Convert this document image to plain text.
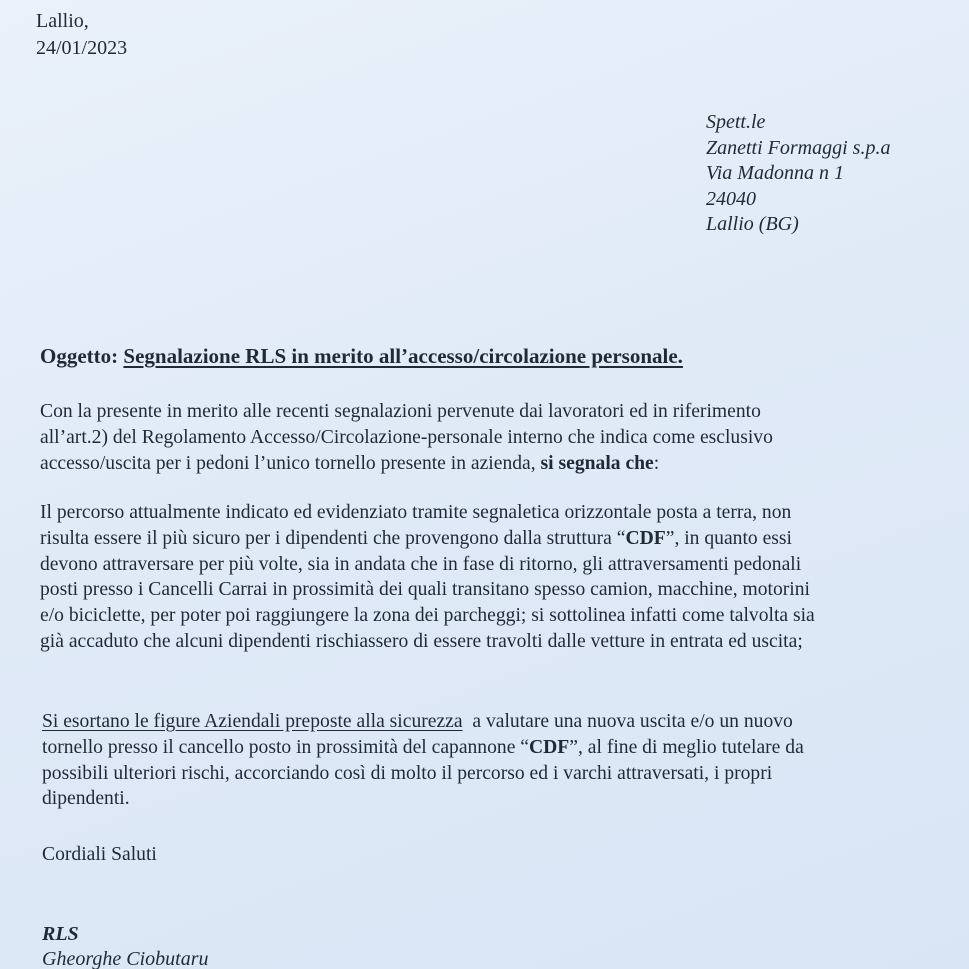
Lallio,
24/01/2023
Spett.le
Zanetti Formaggi s.p.a
Via Madonna n 1
24040
Lallio (BG)
Oggetto: Segnalazione RLS in merito all’accesso/circolazione personale.
Con la presente in merito alle recenti segnalazioni pervenute dai lavoratori ed in riferimento
all’art.2) del Regolamento Accesso/Circolazione-personale interno che indica come esclusivo
accesso/uscita per i pedoni l’unico tornello presente in azienda, si segnala che:
Il percorso attualmente indicato ed evidenziato tramite segnaletica orizzontale posta a terra, non
risulta essere il più sicuro per i dipendenti che provengono dalla struttura “CDF”, in quanto essi
devono attraversare per più volte, sia in andata che in fase di ritorno, gli attraversamenti pedonali
posti presso i Cancelli Carrai in prossimità dei quali transitano spesso camion, macchine, motorini
e/o biciclette, per poter poi raggiungere la zona dei parcheggi; si sottolinea infatti come talvolta sia
già accaduto che alcuni dipendenti rischiassero di essere travolti dalle vetture in entrata ed uscita;
Si esortano le figure Aziendali preposte alla sicurezza  a valutare una nuova uscita e/o un nuovo
tornello presso il cancello posto in prossimità del capannone “CDF”, al fine di meglio tutelare da
possibili ulteriori rischi, accorciando così di molto il percorso ed i varchi attraversati, i propri
dipendenti.
Cordiali Saluti
RLS
Gheorghe Ciobutaru
